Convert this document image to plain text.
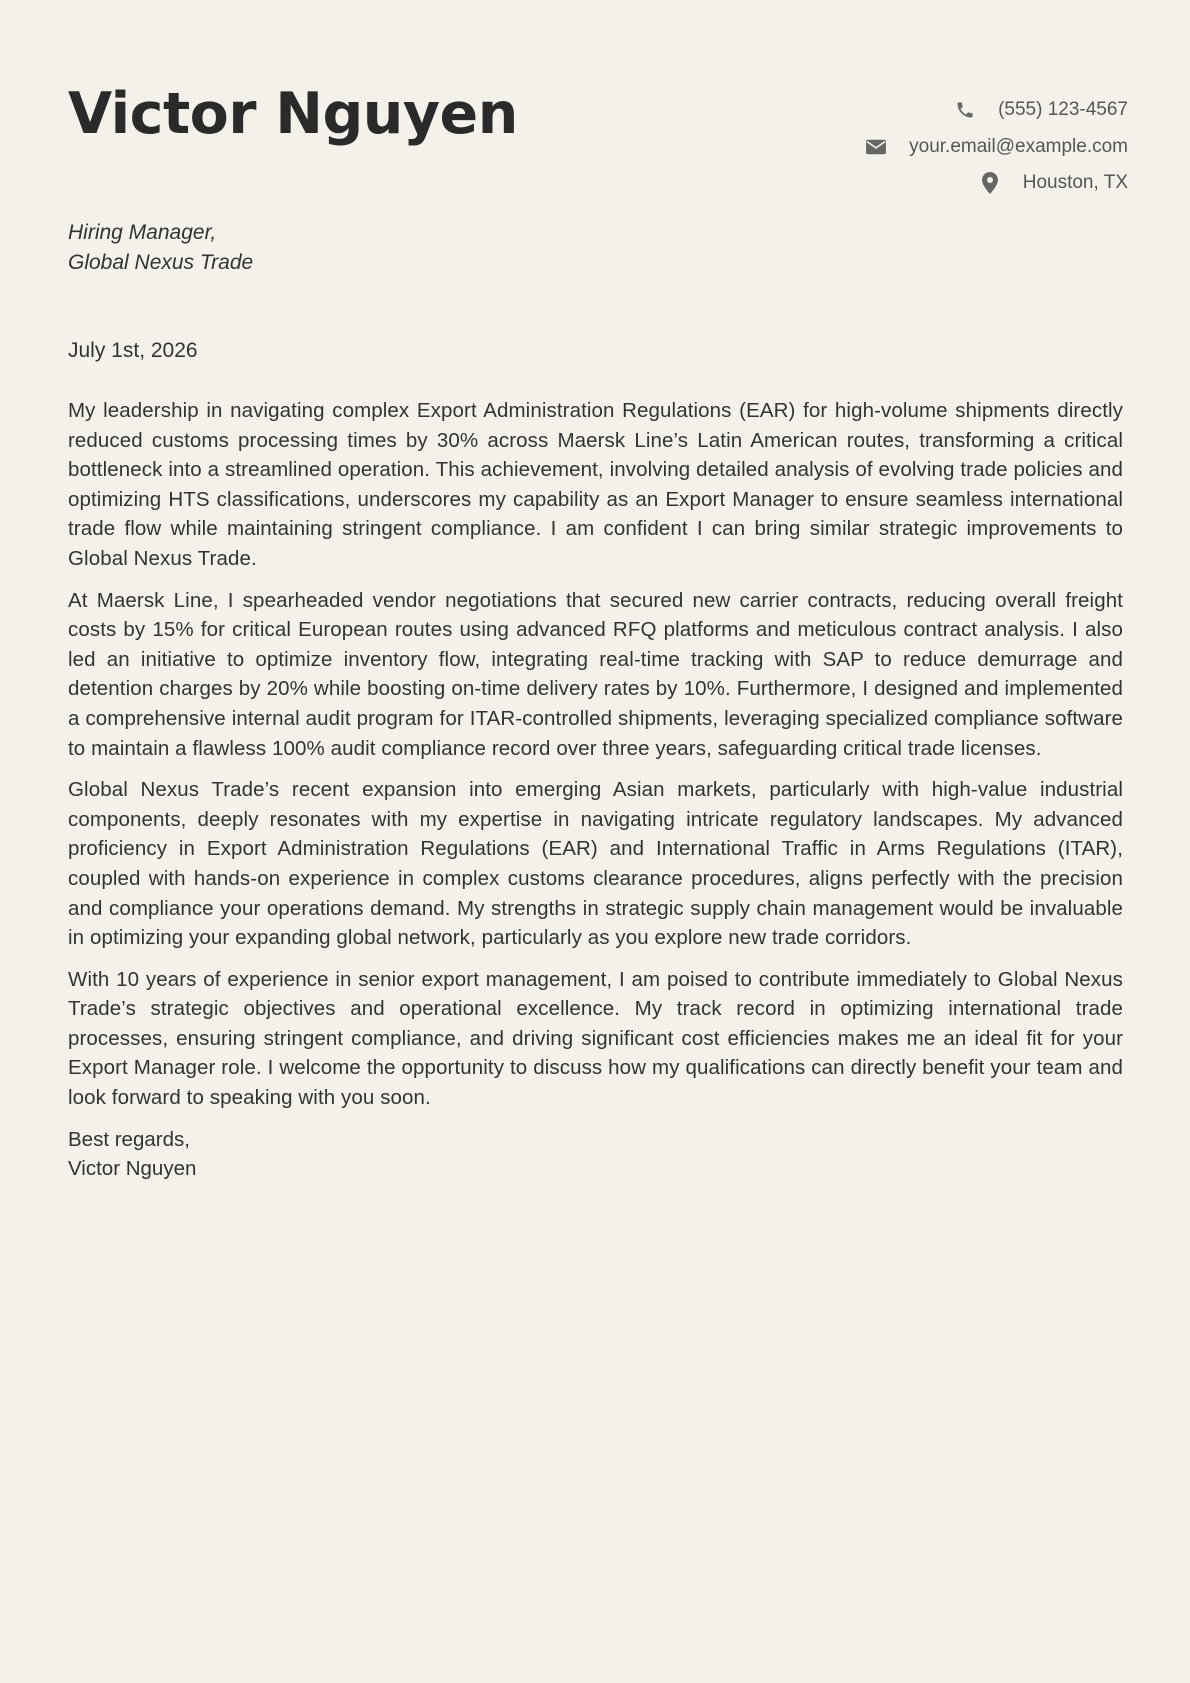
Victor Nguyen	(555) 123-4567
your.email@example.com
Houston, TX
Hiring Manager,
Global Nexus Trade
July 1st, 2026

My leadership in navigating complex Export Administration Regulations (EAR) for high-volume shipments directly reduced customs processing times by 30% across Maersk Line’s Latin American routes, transforming a critical bottleneck into a streamlined operation. This achievement, involving detailed analysis of evolving trade policies and optimizing HTS classifications, underscores my capability as an Export Manager to ensure seamless international trade flow while maintaining stringent compliance. I am confident I can bring similar strategic improvements to Global Nexus Trade.

At Maersk Line, I spearheaded vendor negotiations that secured new carrier contracts, reducing overall freight costs by 15% for critical European routes using advanced RFQ platforms and meticulous contract analysis. I also led an initiative to optimize inventory flow, integrating real-time tracking with SAP to reduce demurrage and detention charges by 20% while boosting on-time delivery rates by 10%. Furthermore, I designed and implemented a comprehensive internal audit program for ITAR-controlled shipments, leveraging specialized compliance software to maintain a flawless 100% audit compliance record over three years, safeguarding critical trade licenses.

Global Nexus Trade’s recent expansion into emerging Asian markets, particularly with high-value industrial components, deeply resonates with my expertise in navigating intricate regulatory landscapes. My advanced proficiency in Export Administration Regulations (EAR) and International Traffic in Arms Regulations (ITAR), coupled with hands-on experience in complex customs clearance procedures, aligns perfectly with the precision and compliance your operations demand. My strengths in strategic supply chain management would be invaluable in optimizing your expanding global network, particularly as you explore new trade corridors.

With 10 years of experience in senior export management, I am poised to contribute immediately to Global Nexus Trade’s strategic objectives and operational excellence. My track record in optimizing international trade processes, ensuring stringent compliance, and driving significant cost efficiencies makes me an ideal fit for your Export Manager role. I welcome the opportunity to discuss how my qualifications can directly benefit your team and look forward to speaking with you soon.

Best regards,
Victor Nguyen
